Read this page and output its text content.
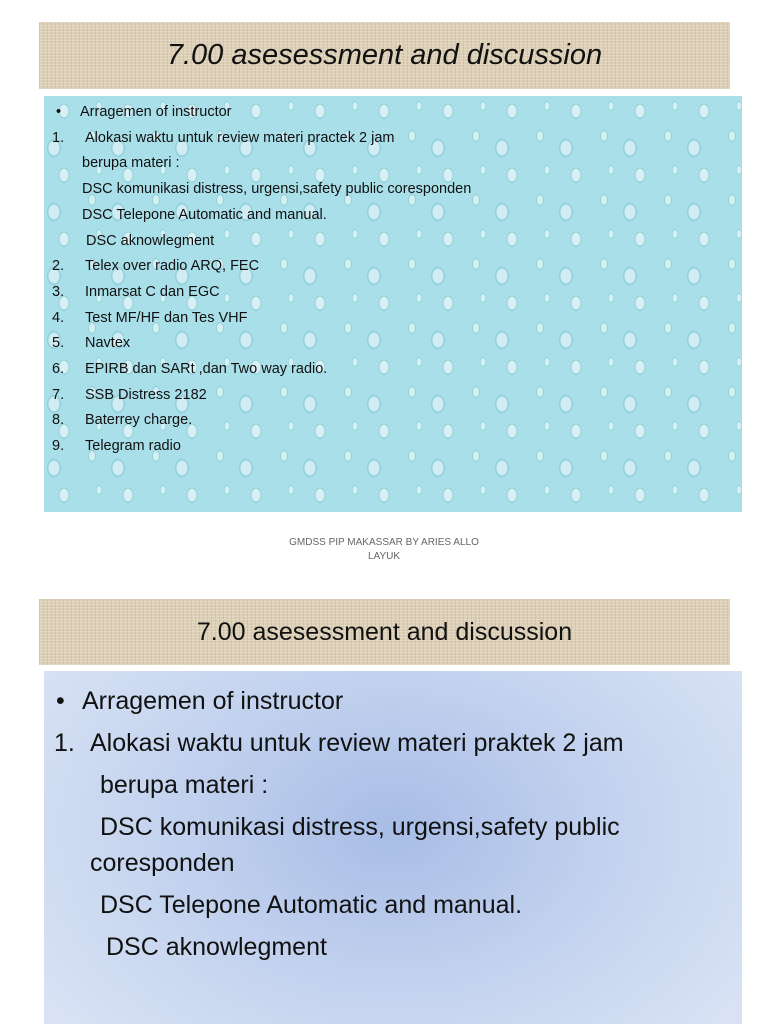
7.00 asesessment and discussion
•	Arragemen of instructor
1.	Alokasi waktu untuk review materi practek 2 jam
berupa materi :
DSC komunikasi distress, urgensi,safety public coresponden
DSC Telepone Automatic and manual.
DSC aknowlegment
2.	Telex over radio ARQ, FEC
3.	Inmarsat C dan EGC
4.	Test MF/HF dan Tes VHF
5.	Navtex
6.	EPIRB dan SARt ,dan Two way radio.
7.	SSB Distress 2182
8.	Baterrey charge.
9.	Telegram radio
GMDSS PIP MAKASSAR BY ARIES ALLO
LAYUK
7.00 asesessment and discussion
• Arragemen of instructor
1. Alokasi waktu untuk review materi praktek 2 jam
berupa materi :
DSC komunikasi distress, urgensi,safety public
coresponden
DSC Telepone Automatic and manual.
DSC aknowlegment
